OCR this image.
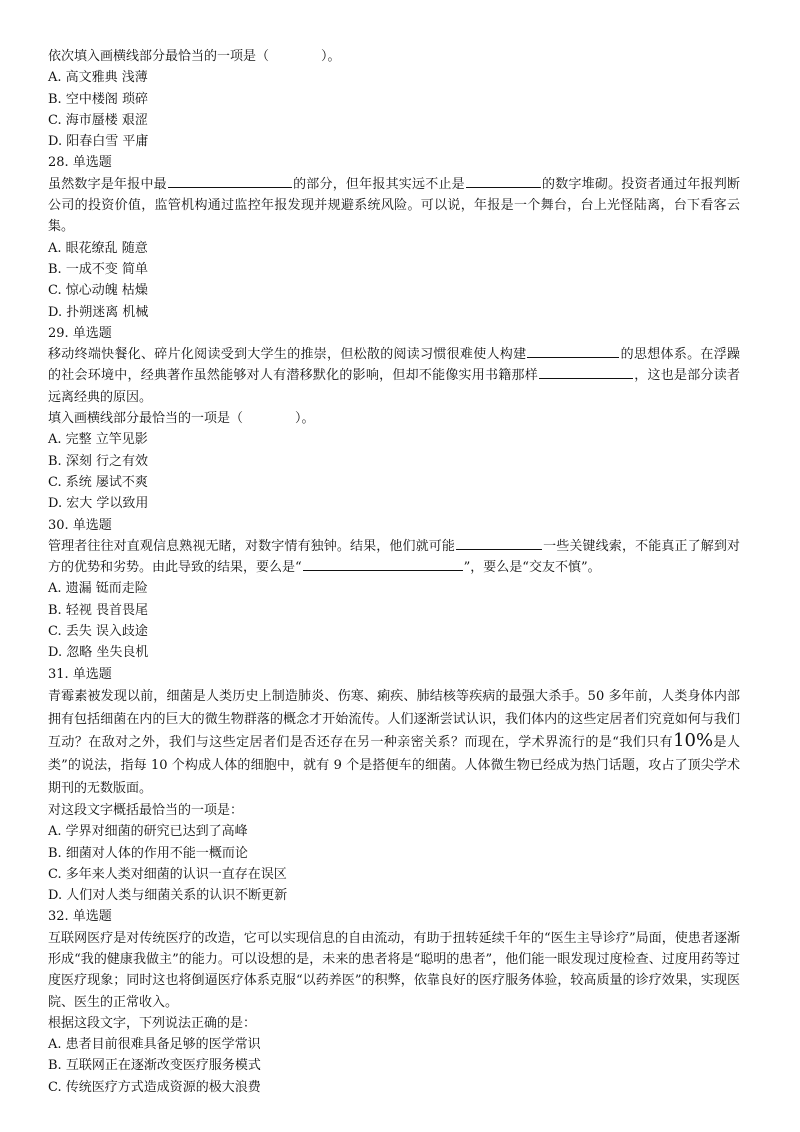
依次填入画横线部分最恰当的一项是（　　　　）。
A. 高文雅典 浅薄
B. 空中楼阁 琐碎
C. 海市蜃楼 艰涩
D. 阳春白雪 平庸
28. 单选题
虽然数字是年报中最	的部分，但年报其实远不止是	的数字堆砌。投资者通过年报判断公司的投资价值，监管机构通过监控年报发现并规避系统风险。可以说，年报是一个舞台，台上光怪陆离，台下看客云集。
A. 眼花缭乱 随意
B. 一成不变 简单
C. 惊心动魄 枯燥
D. 扑朔迷离 机械
29. 单选题
移动终端快餐化、碎片化阅读受到大学生的推崇，但松散的阅读习惯很难使人构建	的思想体系。在浮躁的社会环境中，经典著作虽然能够对人有潜移默化的影响，但却不能像实用书籍那样	，这也是部分读者远离经典的原因。
填入画横线部分最恰当的一项是（　　　　）。
A. 完整 立竿见影
B. 深刻 行之有效
C. 系统 屡试不爽
D. 宏大 学以致用
30. 单选题
管理者往往对直观信息熟视无睹，对数字情有独钟。结果，他们就可能	一些关键线索，不能真正了解到对方的优势和劣势。由此导致的结果，要么是“	”，要么是“交友不慎”。
A. 遗漏 铤而走险
B. 轻视 畏首畏尾
C. 丢失 误入歧途
D. 忽略 坐失良机
31. 单选题
青霉素被发现以前，细菌是人类历史上制造肺炎、伤寒、痢疾、肺结核等疾病的最强大杀手。50 多年前，人类身体内部拥有包括细菌在内的巨大的微生物群落的概念才开始流传。人们逐渐尝试认识，我们体内的这些定居者们究竟如何与我们互动？在敌对之外，我们与这些定居者们是否还存在另一种亲密关系？而现在，学术界流行的是“我们只有10%是人类”的说法，指每 10 个构成人体的细胞中，就有 9 个是搭便车的细菌。人体微生物已经成为热门话题，攻占了顶尖学术期刊的无数版面。
对这段文字概括最恰当的一项是：
A. 学界对细菌的研究已达到了高峰
B. 细菌对人体的作用不能一概而论
C. 多年来人类对细菌的认识一直存在误区
D. 人们对人类与细菌关系的认识不断更新
32. 单选题
互联网医疗是对传统医疗的改造，它可以实现信息的自由流动，有助于扭转延续千年的“医生主导诊疗”局面，使患者逐渐形成“我的健康我做主”的能力。可以设想的是，未来的患者将是“聪明的患者”，他们能一眼发现过度检查、过度用药等过度医疗现象；同时这也将倒逼医疗体系克服“以药养医”的积弊，依靠良好的医疗服务体验，较高质量的诊疗效果，实现医院、医生的正常收入。
根据这段文字，下列说法正确的是：
A. 患者目前很难具备足够的医学常识
B. 互联网正在逐渐改变医疗服务模式
C. 传统医疗方式造成资源的极大浪费
